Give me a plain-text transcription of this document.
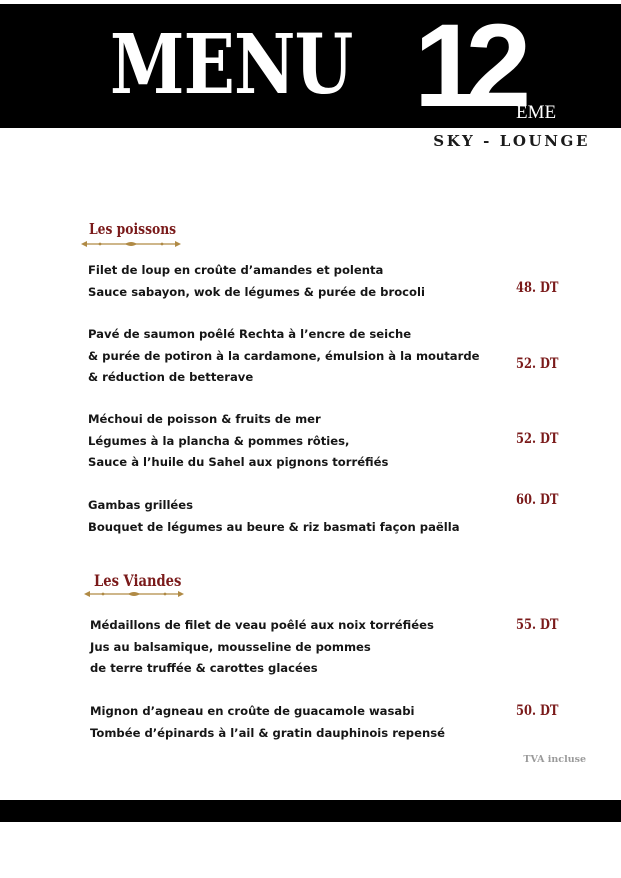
MENU 12
ÈME
SKY - LOUNGE
Les poissons
Filet de loup en croûte d’amandes et polenta
Sauce sabayon, wok de légumes & purée de brocoli	48. DT
Pavé de saumon poêlé Rechta à l’encre de seiche
& purée de potiron à la cardamone, émulsion à la moutarde
& réduction de betterave
52. DT
Méchoui de poisson & fruits de mer
Légumes à la plancha & pommes rôties,
Sauce à l’huile du Sahel aux pignons torréfiés
52. DT
Gambas grillées
Bouquet de légumes au beure & riz basmati façon paëlla
60. DT
Les Viandes
Médaillons de filet de veau poêlé aux noix torréfiées
Jus au balsamique, mousseline de pommes
de terre truffée & carottes glacées
55. DT
Mignon d’agneau en croûte de guacamole wasabi
Tombée d’épinards à l’ail & gratin dauphinois repensé
50. DT
TVA incluse
